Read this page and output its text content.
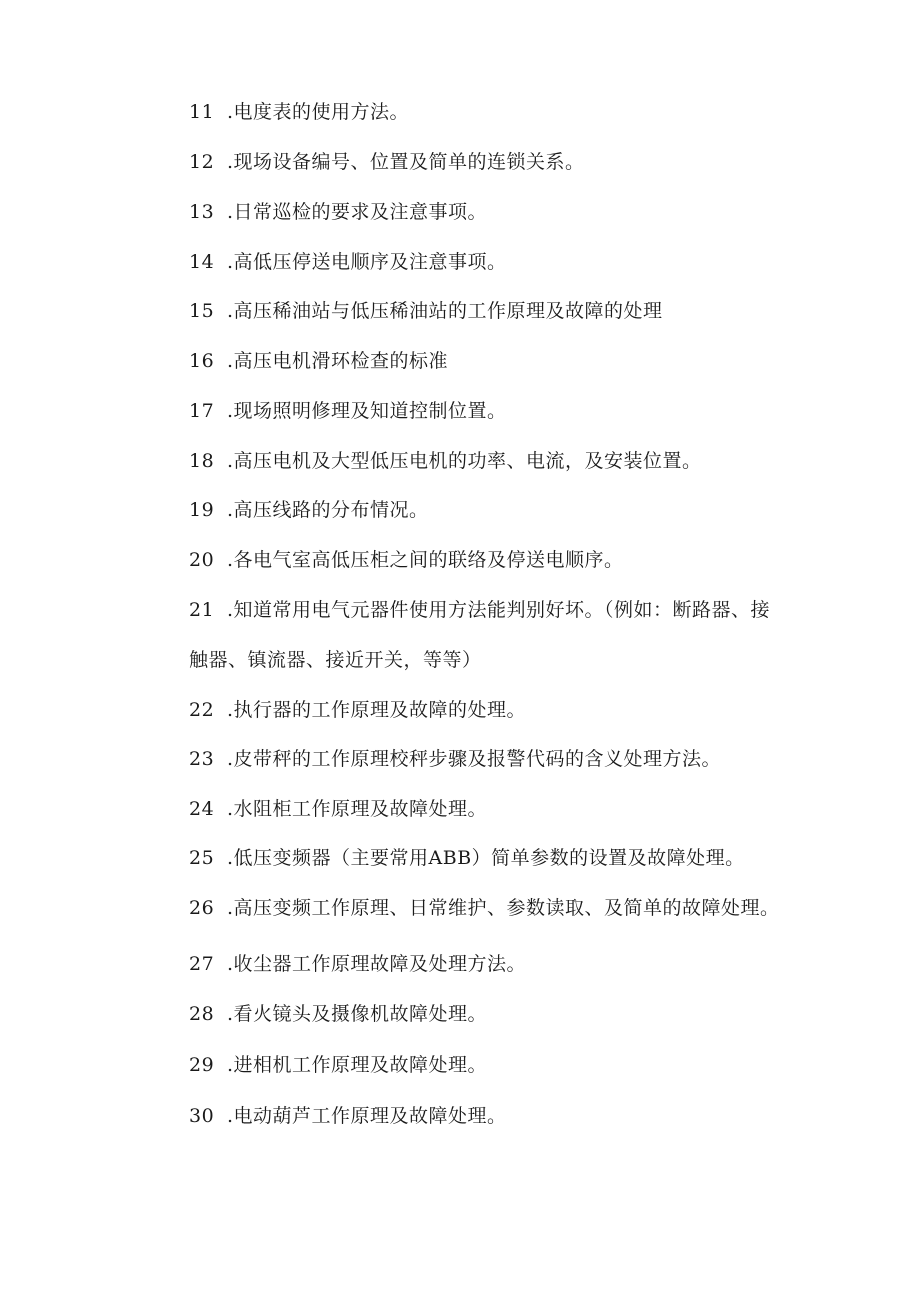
11 .电度表的使用方法。
12 .现场设备编号、位置及简单的连锁关系。
13 .日常巡检的要求及注意事项。
14 .高低压停送电顺序及注意事项。
15 .高压稀油站与低压稀油站的工作原理及故障的处理
16 .高压电机滑环检查的标准
17 .现场照明修理及知道控制位置。
18 .高压电机及大型低压电机的功率、电流，及安装位置。
19 .高压线路的分布情况。
20 .各电气室高低压柜之间的联络及停送电顺序。
21 .知道常用电气元器件使用方法能判别好坏。（例如：断路器、接
触器、镇流器、接近开关，等等）
22 .执行器的工作原理及故障的处理。
23 .皮带秤的工作原理校秤步骤及报警代码的含义处理方法。
24 .水阻柜工作原理及故障处理。
25 .低压变频器（主要常用ABB）简单参数的设置及故障处理。
26 .高压变频工作原理、日常维护、参数读取、及简单的故障处理。
27 .收尘器工作原理故障及处理方法。
28 .看火镜头及摄像机故障处理。
29 .进相机工作原理及故障处理。
30 .电动葫芦工作原理及故障处理。
